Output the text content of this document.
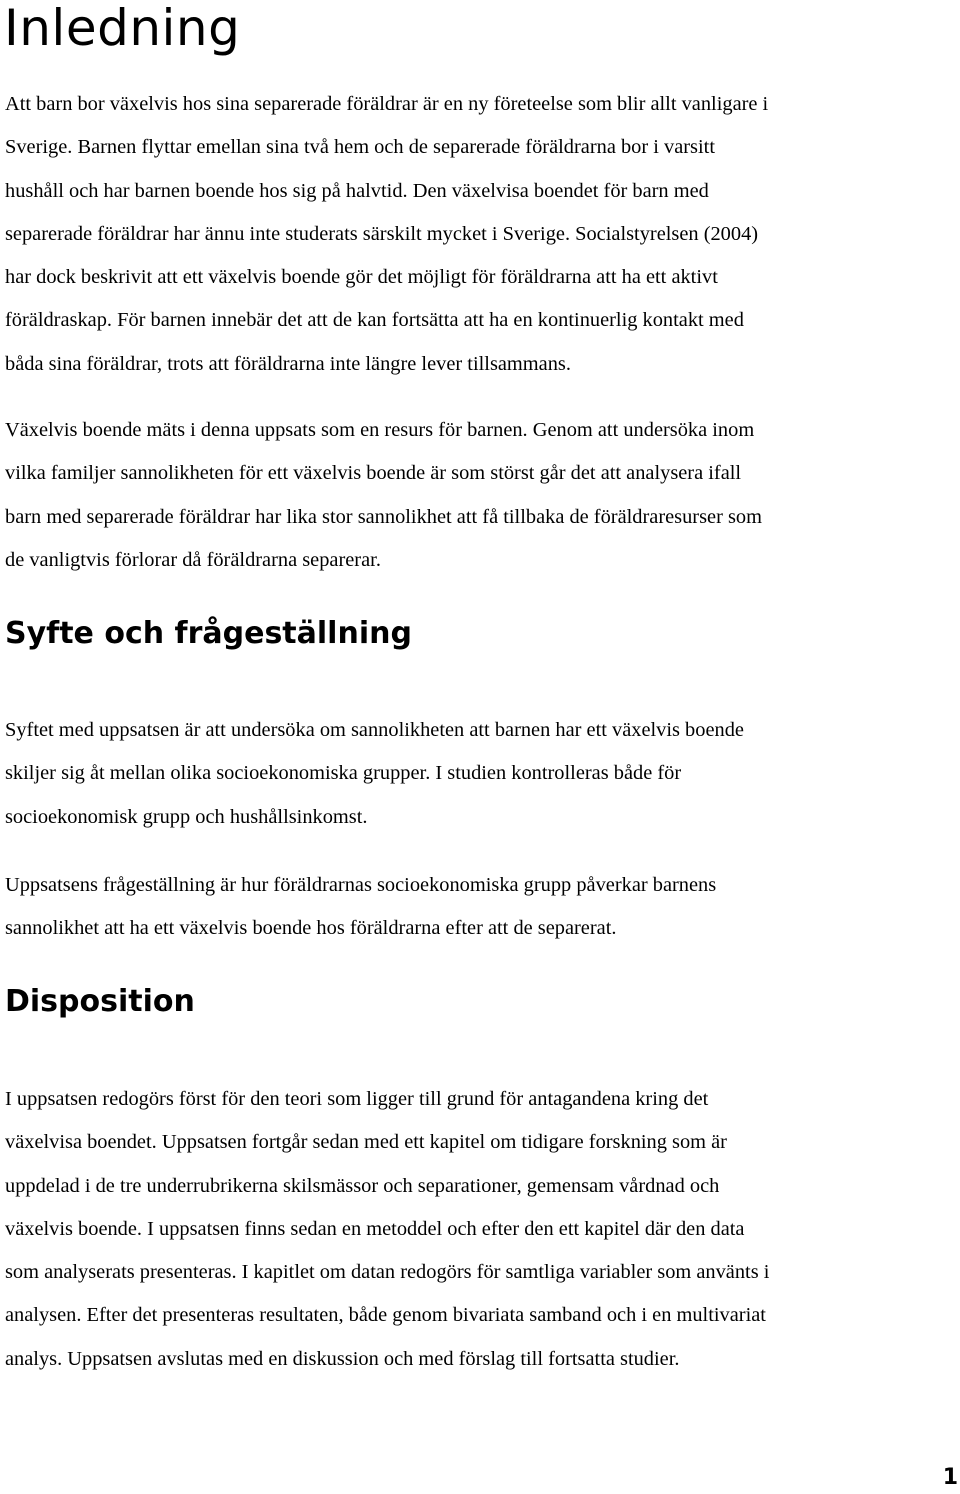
Inledning
Att barn bor växelvis hos sina separerade föräldrar är en ny företeelse som blir allt vanligare i
Sverige. Barnen flyttar emellan sina två hem och de separerade föräldrarna bor i varsitt
hushåll och har barnen boende hos sig på halvtid. Den växelvisa boendet för barn med
separerade föräldrar har ännu inte studerats särskilt mycket i Sverige. Socialstyrelsen (2004)
har dock beskrivit att ett växelvis boende gör det möjligt för föräldrarna att ha ett aktivt
föräldraskap. För barnen innebär det att de kan fortsätta att ha en kontinuerlig kontakt med
båda sina föräldrar, trots att föräldrarna inte längre lever tillsammans.
Växelvis boende mäts i denna uppsats som en resurs för barnen. Genom att undersöka inom
vilka familjer sannolikheten för ett växelvis boende är som störst går det att analysera ifall
barn med separerade föräldrar har lika stor sannolikhet att få tillbaka de föräldraresurser som
de vanligtvis förlorar då föräldrarna separerar.
Syfte och frågeställning
Syftet med uppsatsen är att undersöka om sannolikheten att barnen har ett växelvis boende
skiljer sig åt mellan olika socioekonomiska grupper. I studien kontrolleras både för
socioekonomisk grupp och hushållsinkomst.
Uppsatsens frågeställning är hur föräldrarnas socioekonomiska grupp påverkar barnens
sannolikhet att ha ett växelvis boende hos föräldrarna efter att de separerat.
Disposition
I uppsatsen redogörs först för den teori som ligger till grund för antagandena kring det
växelvisa boendet. Uppsatsen fortgår sedan med ett kapitel om tidigare forskning som är
uppdelad i de tre underrubrikerna skilsmässor och separationer, gemensam vårdnad och
växelvis boende. I uppsatsen finns sedan en metoddel och efter den ett kapitel där den data
som analyserats presenteras. I kapitlet om datan redogörs för samtliga variabler som använts i
analysen. Efter det presenteras resultaten, både genom bivariata samband och i en multivariat
analys. Uppsatsen avslutas med en diskussion och med förslag till fortsatta studier.
1
